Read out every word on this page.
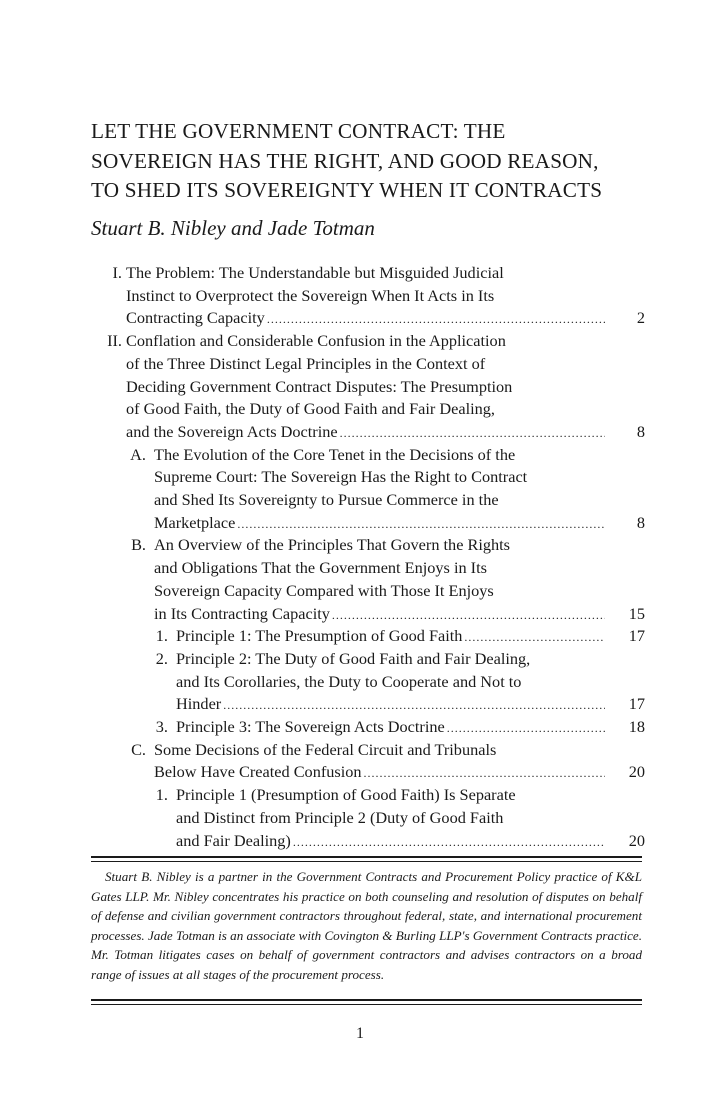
LET THE GOVERNMENT CONTRACT: THE
SOVEREIGN HAS THE RIGHT, AND GOOD REASON,
TO SHED ITS SOVEREIGNTY WHEN IT CONTRACTS
Stuart B. Nibley and Jade Totman
I. The Problem: The Understandable but Misguided Judicial
Instinct to Overprotect the Sovereign When It Acts in Its
Contracting Capacity .....	2
II. Conflation and Considerable Confusion in the Application
of the Three Distinct Legal Principles in the Context of
Deciding Government Contract Disputes: The Presumption
of Good Faith, the Duty of Good Faith and Fair Dealing,
and the Sovereign Acts Doctrine .....	8
A. The Evolution of the Core Tenet in the Decisions of the
Supreme Court: The Sovereign Has the Right to Contract
and Shed Its Sovereignty to Pursue Commerce in the
Marketplace .....	8
B. An Overview of the Principles That Govern the Rights
and Obligations That the Government Enjoys in Its
Sovereign Capacity Compared with Those It Enjoys
in Its Contracting Capacity .....	15
1. Principle 1: The Presumption of Good Faith .....	17
2. Principle 2: The Duty of Good Faith and Fair Dealing,
and Its Corollaries, the Duty to Cooperate and Not to
Hinder .....	17
3. Principle 3: The Sovereign Acts Doctrine .....	18
C. Some Decisions of the Federal Circuit and Tribunals
Below Have Created Confusion .....	20
1. Principle 1 (Presumption of Good Faith) Is Separate
and Distinct from Principle 2 (Duty of Good Faith
and Fair Dealing) .....	20

Stuart B. Nibley is a partner in the Government Contracts and Procurement Policy practice of K&L Gates LLP. Mr. Nibley concentrates his practice on both counseling and resolution of disputes on behalf of defense and civilian government contractors throughout federal, state, and international procurement processes. Jade Totman is an associate with Covington & Burling LLP's Government Contracts practice. Mr. Totman litigates cases on behalf of government contractors and advises contractors on a broad range of issues at all stages of the procurement process.

1
